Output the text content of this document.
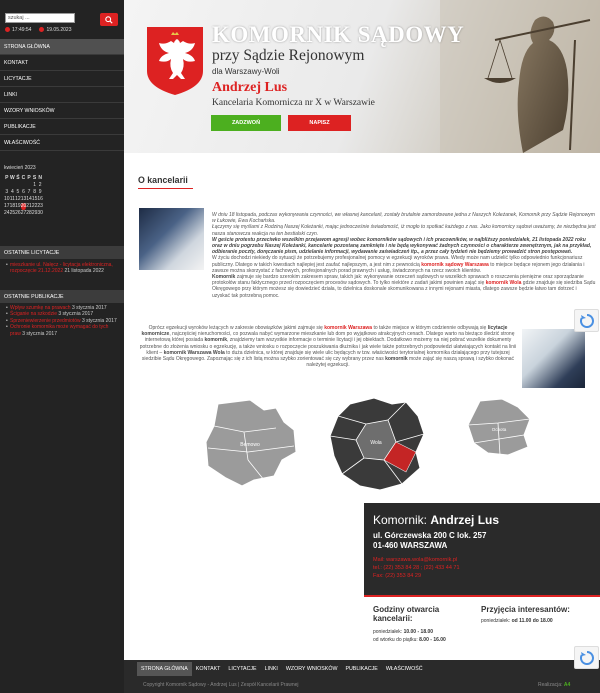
szukaj ...
17:49:54	19.05.2023
STRONA GŁÓWNA
KONTAKT
LICYTACJE
LINKI
WZORY WNIOSKÓW
PUBLIKACJE
WŁAŚCIWOŚĆ
kwiecień 2023
P	W	Ś	C	P	S	N
					1	2
3	4	5	6	7	8	9
10	11	12	13	14	15	16
17	18	19	20	21	22	23
24	25	26	27	28	29	30
OSTATNIE LICYTACJE
• mieszkanie ul. Nałęcz - licytacja elektroniczna, rozpoczęcie 21.12.2022 21 listopada 2022
OSTATNIE PUBLIKACJE
• Wpływ szumkę na prawach 3 stycznia 2017
• Ściganie na szkodzie 3 stycznia 2017
• Sprzeniewierzenie przedmiotów 3 stycznia 2017
• Ochronie komornika może wymagać do tych praw 3 stycznia 2017
KOMORNIK SĄDOWY
przy Sądzie Rejonowym
dla Warszawy-Woli
Andrzej Lus
Kancelaria Komornicza nr X w Warszawie
ZADZWOŃ	NAPISZ
O kancelarii
W dniu 18 listopada, podczas wykonywania czynności, we własnej kancelarii, zostały brutalnie zamordowane jedna z Naszych Koleżanek, Komornik przy Sądzie Rejonowym w Łukowie, Ewa Kochańska.
Łączymy się myślami z Rodziną Naszej Koleżanki, mając jednocześnie świadomość, iż mogło to spotkać każdego z nas. Jako komornicy sądowi uważamy, że niezbędna jest nasza stanowcza reakcja na ten bestialski czyn.
W geście protestu przeciwko wszelkim przejawom agresji wobec komorników sądowych i ich pracowników, w najbliższy poniedziałek, 21 listopada 2022 roku oraz w dniu pogrzebu Naszej Koleżanki, kancelarie pozostaną zamknięte i nie będą wykonywać żadnych czynności o charakterze zewnętrznym, jak na przykład, odbieranie poczty, doręczanie pism, udzielanie informacji, wydawanie zaświadczeń itp., a przez cały tydzień nie będziemy prowadzić stron postępowań.
W życiu dochodzi niekiedy do sytuacji że potrzebujemy profesjonalnej pomocy w egzekucji wyroków prawa. Wtedy może nam udzielić tylko odpowiednio funkcjonariusz publiczny. Dlatego w takich kwestiach najlepiej jest zaufać najlepszym, a jest nim z pewnością komornik sądowy Warszawa to miejsce będące rejonem jego działania i zawsze można skorzystać z fachowych, profesjonalnych porad prawnych i usług, świadczonych na rzecz swoich klientów.
Komornik zajmuje się bardzo szerokim zakresem spraw, takich jak: wykonywanie orzeczeń sądowych w wszelkich sprawach o roszczenia pieniężne oraz sporządzanie protokołów stanu faktycznego przed rozpoczęciem procesów sądowych. To tylko niektóre z zadań jakimi powinien zająć się komornik Wola gdzie znajduje się siedziba Sądu Okręgowego przy którym możesz się dowiedzieć działa, to dzielnica doskonale skomunikowana z innymi rejonami miasta, dlatego zawsze będzie łatwo tam dotrzeć i uzyskać tak potrzebną pomoc.
Oprócz egzekucji wyroków leżących w zakresie obowiązków jakimi zajmuje się komornik Warszawa to także miejsce w którym codziennie odbywają się licytacje komornicze, najczęściej nieruchomości, co pozwala nabyć wymarzone mieszkanie lub dom po wyjątkowo atrakcyjnych cenach. Dlatego warto na bieżąco śledzić stronę internetową której posiada komornik, znajdziemy tam wszystkie informacje o terminie licytacji i jej obiektach. Dodatkowo możemy na niej pobrać wszelkie dokumenty potrzebne do złożenia wniosku o egzekucję, a także wniosku o rozpoczęcie poszukiwania dłużnika i jak wiele także potrzebnych podpowiedzi ułatwiających kontakt na linii klient – komornik Warszawa Wola to duża dzielnica, w której znajduje się wiele ulic będących w tzw. właściwości terytorialnej komornika działającego przy tutejszej siedzibie Sądu Okręgowego. Zapoznając się z ich listą można szybko zorientować się czy wybrany przez nas komornik może zająć się naszą sprawą i szybko dokonać należytej egzekucji.
Bemowo	Wola
Ochota
Komornik: Andrzej Lus
ul. Górczewska 200 C lok. 257
01-460 WARSZAWA
Mail: warszawa.wola@komornik.pl
tel.: (22) 353 84 28 ; (22) 433 44 71
Fax: (22) 353 84 29
Godziny otwarcia kancelarii:
poniedziałek: 10.00 - 18.00
od wtorku do piątku: 8.00 - 16.00
Przyjęcia interesantów:
poniedziałek: od 11.00 do 18.00
STRONA GŁÓWNA	KONTAKT	LICYTACJE	LINKI	WZORY WNIOSKÓW	PUBLIKACJE	WŁAŚCIWOŚĆ
Copyright Komornik Sądowy - Andrzej Lus | Zespół Kancelarii Prawnej	Realizacja: A4
